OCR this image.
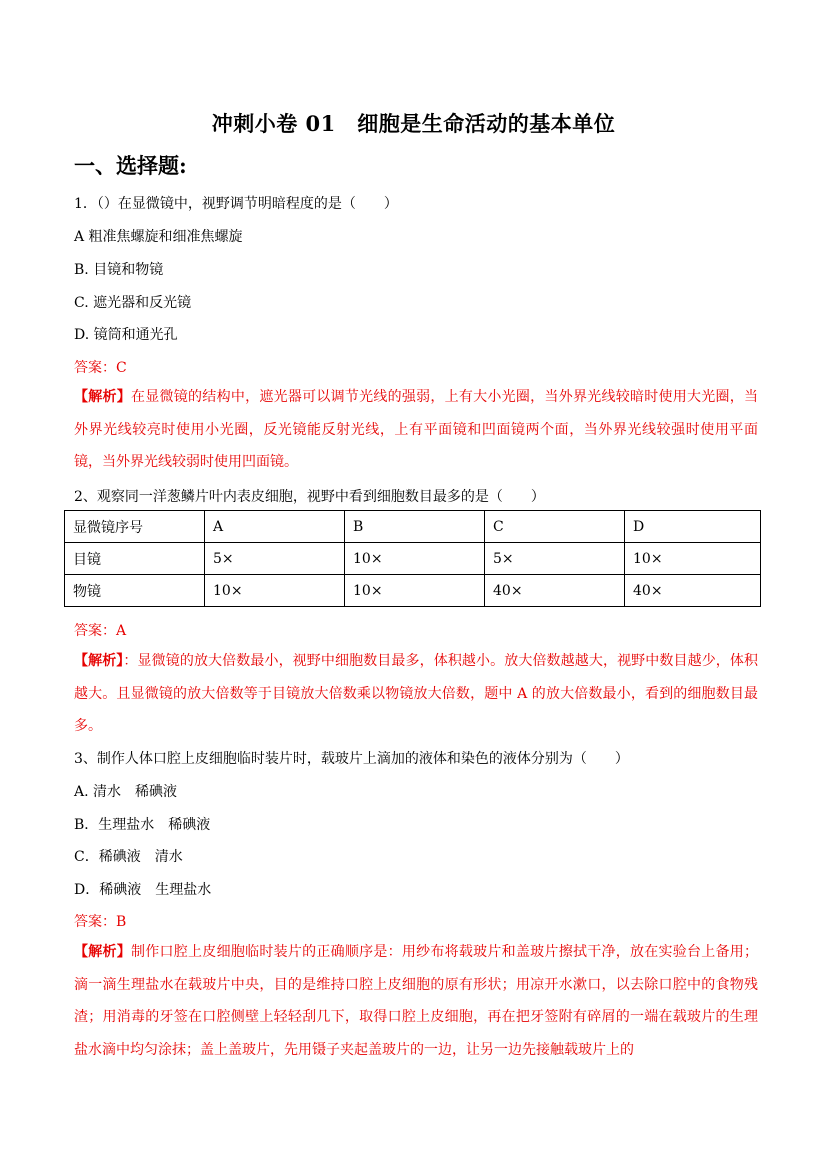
冲刺小卷 01　细胞是生命活动的基本单位
一、选择题:
1．（）在显微镜中，视野调节明暗程度的是（　　）
A 粗准焦螺旋和细准焦螺旋
B. 目镜和物镜
C. 遮光器和反光镜
D. 镜筒和通光孔
答案：C
【解析】在显微镜的结构中，遮光器可以调节光线的强弱，上有大小光圈，当外界光线较暗时使用大光圈，当外界光线较亮时使用小光圈，反光镜能反射光线，上有平面镜和凹面镜两个面，当外界光线较强时使用平面镜，当外界光线较弱时使用凹面镜。
2、观察同一洋葱鳞片叶内表皮细胞，视野中看到细胞数目最多的是（　　）
显微镜序号	A	B	C	D
目镜	5×	10×	5×	10×
物镜	10×	10×	40×	40×
答案：A
【解析】：显微镜的放大倍数最小，视野中细胞数目最多，体积越小。放大倍数越越大，视野中数目越少，体积越大。且显微镜的放大倍数等于目镜放大倍数乘以物镜放大倍数，题中 A 的放大倍数最小，看到的细胞数目最多。
3、制作人体口腔上皮细胞临时装片时，载玻片上滴加的液体和染色的液体分别为（　　）
A. 清水　稀碘液
B．生理盐水　稀碘液
C．稀碘液　清水
D．稀碘液　生理盐水
答案：B
【解析】制作口腔上皮细胞临时装片的正确顺序是：用纱布将载玻片和盖玻片擦拭干净，放在实验台上备用；滴一滴生理盐水在载玻片中央，目的是维持口腔上皮细胞的原有形状；用凉开水漱口，以去除口腔中的食物残渣；用消毒的牙签在口腔侧壁上轻轻刮几下，取得口腔上皮细胞，再在把牙签附有碎屑的一端在载玻片的生理盐水滴中均匀涂抹；盖上盖玻片，先用镊子夹起盖玻片的一边，让另一边先接触载玻片上的
